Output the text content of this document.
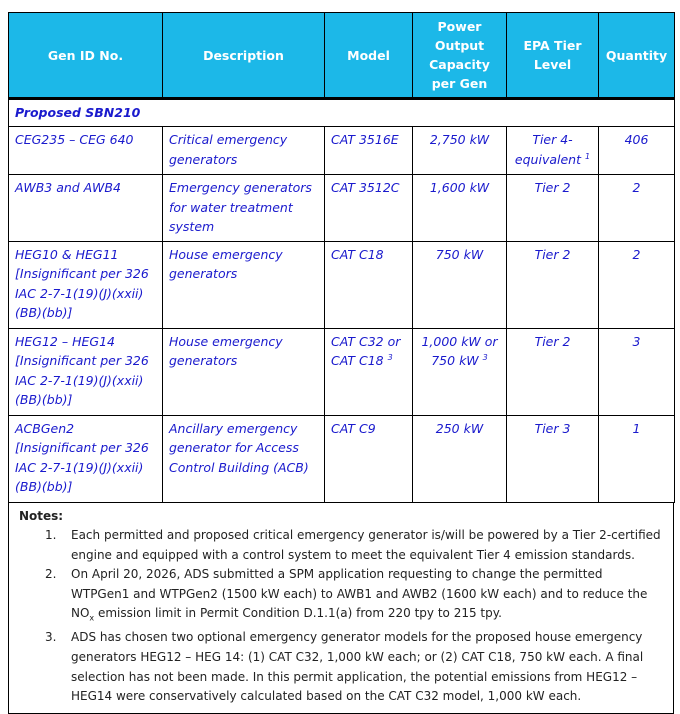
Gen ID No.	Description	Model	Power Output Capacity per Gen	EPA Tier Level	Quantity
Proposed SBN210					
CEG235 – CEG 640	Critical emergency generators	CAT 3516E	2,750 kW	Tier 4-equivalent $^1$	406
AWB3 and AWB4	Emergency generators for water treatment system	CAT 3512C	1,600 kW	Tier 2	2
HEG10 & HEG11 [Insignificant per 326 IAC 2-7-1(19)(J)(xxii)(BB)(bb)]	House emergency generators	CAT C18	750 kW	Tier 2	2
HEG12 – HEG14 [Insignificant per 326 IAC 2-7-1(19)(J)(xxii)(BB)(bb)]	House emergency generators	CAT C32 or CAT C18 $^3$	1,000 kW or 750 kW $^3$	Tier 2	3
ACBGen2 [Insignificant per 326 IAC 2-7-1(19)(J)(xxii)(BB)(bb)]	Ancillary emergency generator for Access Control Building (ACB)	CAT C9	250 kW	Tier 3	1
Notes:
1. Each permitted and proposed critical emergency generator is/will be powered by a Tier 2-certified engine and equipped with a control system to meet the equivalent Tier 4 emission standards.
2. On April 20, 2026, ADS submitted a SPM application requesting to change the permitted WTPGen1 and WTPGen2 (1500 kW each) to AWB1 and AWB2 (1600 kW each) and to reduce the $NO_x$ emission limit in Permit Condition D.1.1(a) from 220 tpy to 215 tpy.
3. ADS has chosen two optional emergency generator models for the proposed house emergency generators HEG12 – HEG 14: (1) CAT C32, 1,000 kW each; or (2) CAT C18, 750 kW each. A final selection has not been made. In this permit application, the potential emissions from HEG12 – HEG14 were conservatively calculated based on the CAT C32 model, 1,000 kW each.
